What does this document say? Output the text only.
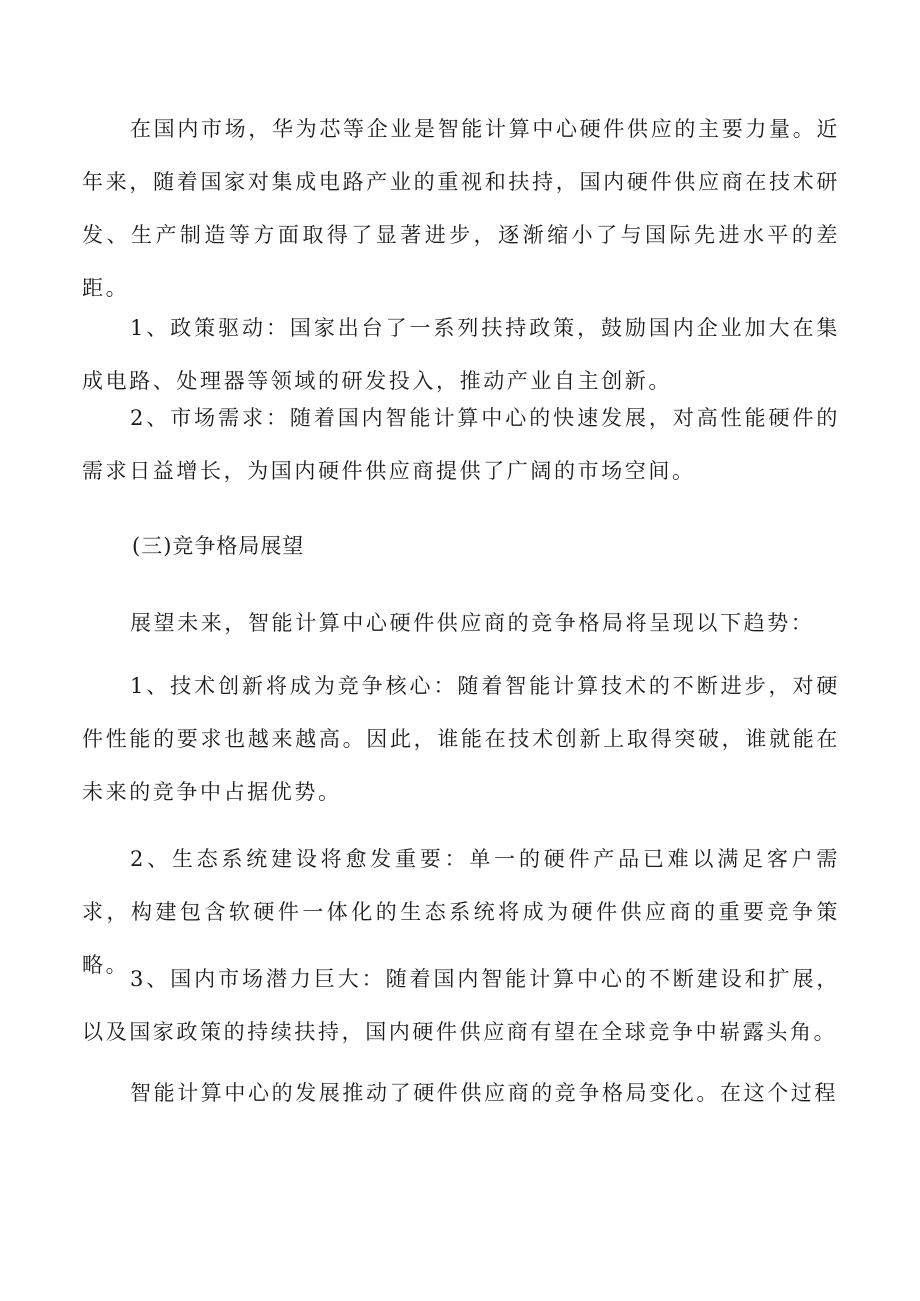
在国内市场，华为芯等企业是智能计算中心硬件供应的主要力量。近年来，随着国家对集成电路产业的重视和扶持，国内硬件供应商在技术研发、生产制造等方面取得了显著进步，逐渐缩小了与国际先进水平的差距。

1、政策驱动：国家出台了一系列扶持政策，鼓励国内企业加大在集成电路、处理器等领域的研发投入，推动产业自主创新。

2、市场需求：随着国内智能计算中心的快速发展，对高性能硬件的需求日益增长，为国内硬件供应商提供了广阔的市场空间。

(三)竞争格局展望

展望未来，智能计算中心硬件供应商的竞争格局将呈现以下趋势：

1、技术创新将成为竞争核心：随着智能计算技术的不断进步，对硬件性能的要求也越来越高。因此，谁能在技术创新上取得突破，谁就能在未来的竞争中占据优势。

2、生态系统建设将愈发重要：单一的硬件产品已难以满足客户需求，构建包含软硬件一体化的生态系统将成为硬件供应商的重要竞争策略。

3、国内市场潜力巨大：随着国内智能计算中心的不断建设和扩展，以及国家政策的持续扶持，国内硬件供应商有望在全球竞争中崭露头角。

智能计算中心的发展推动了硬件供应商的竞争格局变化。在这个过程
